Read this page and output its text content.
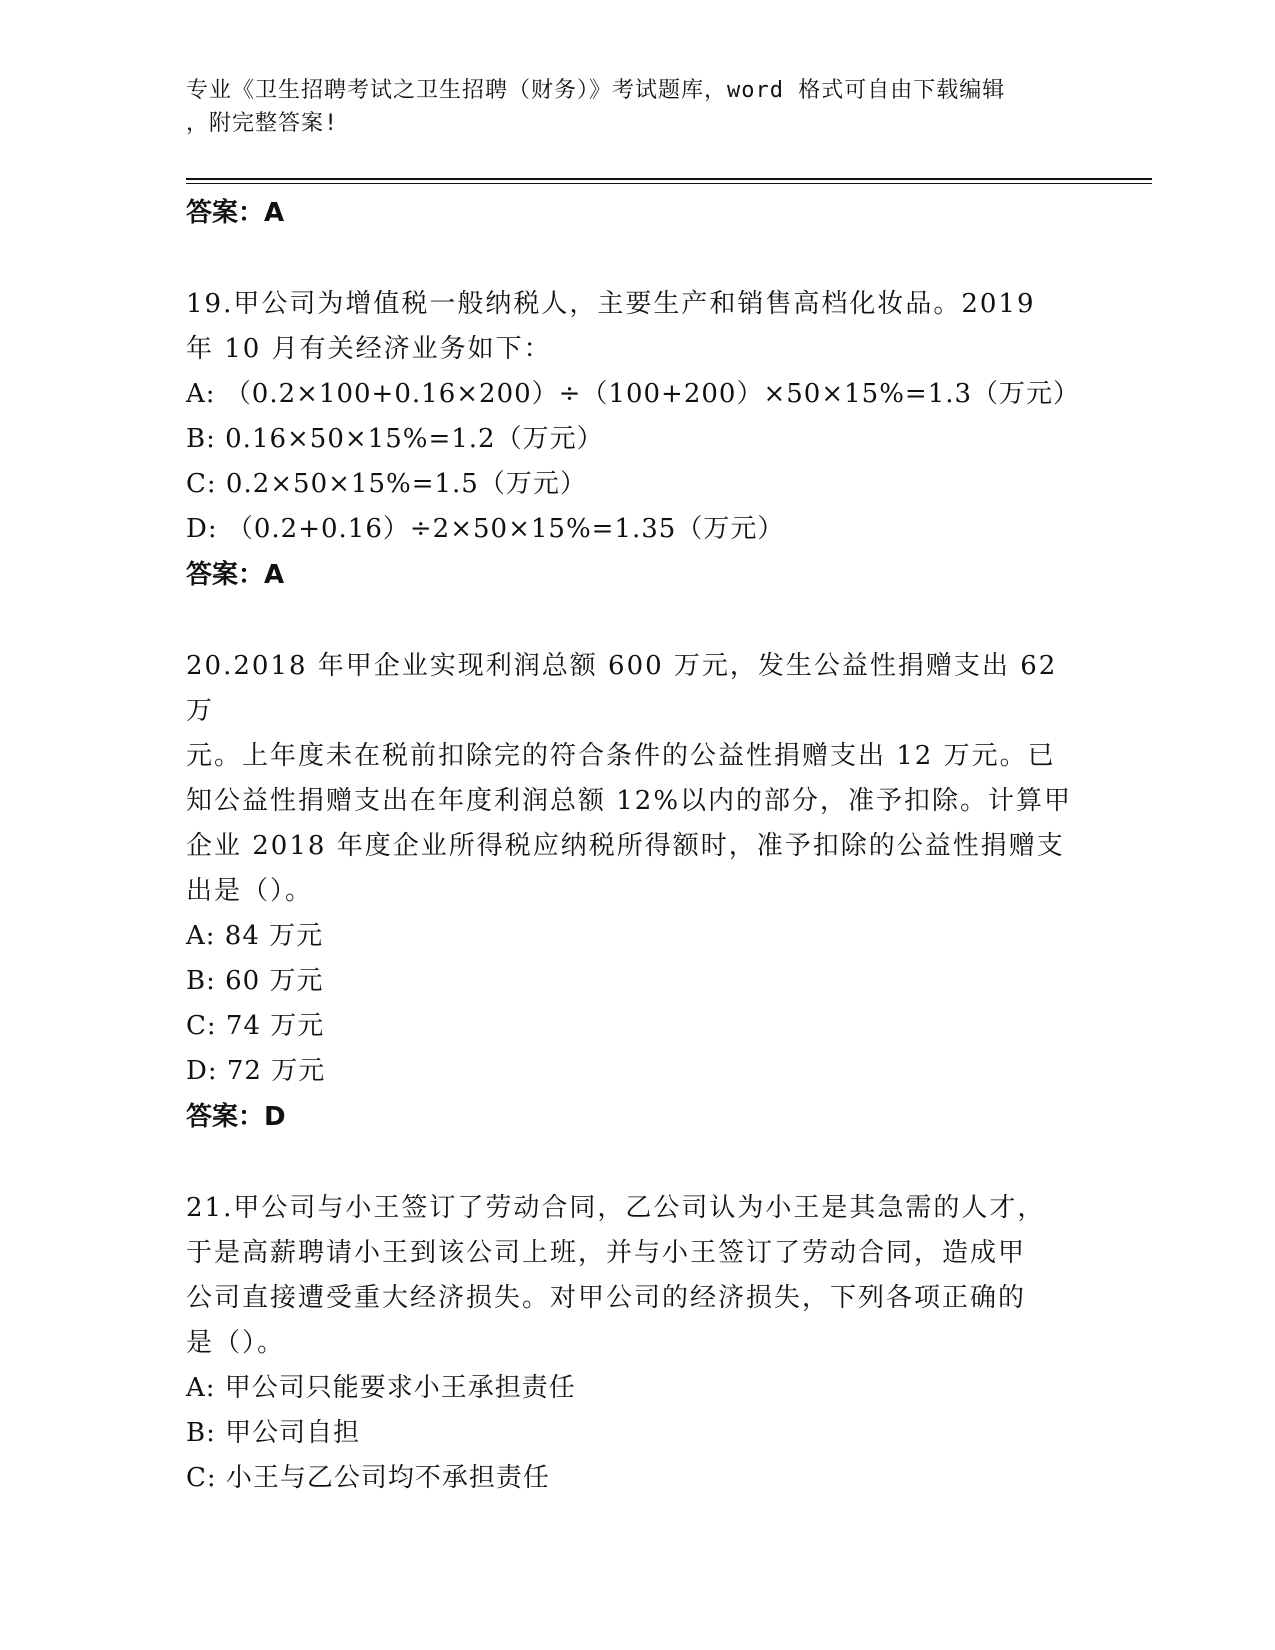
专业《卫生招聘考试之卫生招聘（财务）》考试题库，word 格式可自由下载编辑
，附完整答案!
答案：A

19.甲公司为增值税一般纳税人，主要生产和销售高档化妆品。2019

年 10 月有关经济业务如下：

A: （0.2×100+0.16×200）÷（100+200）×50×15%=1.3（万元）

B: 0.16×50×15%=1.2（万元）

C: 0.2×50×15%=1.5（万元）

D: （0.2+0.16）÷2×50×15%=1.35（万元）

答案：A

20.2018 年甲企业实现利润总额 600 万元，发生公益性捐赠支出 62 万

元。上年度未在税前扣除完的符合条件的公益性捐赠支出 12 万元。已

知公益性捐赠支出在年度利润总额 12%以内的部分，准予扣除。计算甲

企业 2018 年度企业所得税应纳税所得额时，准予扣除的公益性捐赠支

出是（）。

A: 84 万元

B: 60 万元

C: 74 万元

D: 72 万元

答案：D

21.甲公司与小王签订了劳动合同，乙公司认为小王是其急需的人才，

于是高薪聘请小王到该公司上班，并与小王签订了劳动合同，造成甲

公司直接遭受重大经济损失。对甲公司的经济损失，下列各项正确的

是（）。

A: 甲公司只能要求小王承担责任

B: 甲公司自担

C: 小王与乙公司均不承担责任
